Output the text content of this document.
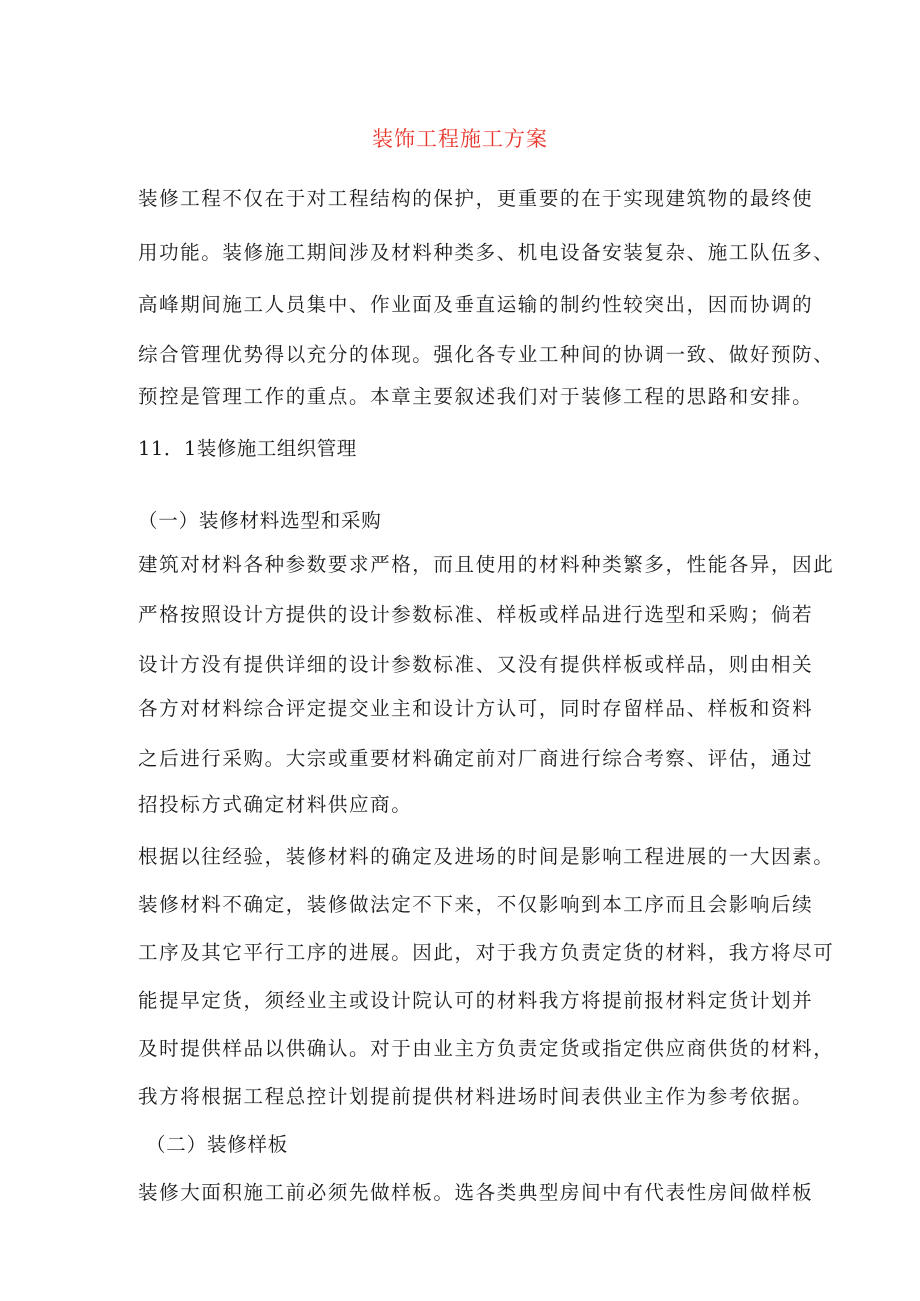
装饰工程施工方案
装修工程不仅在于对工程结构的保护，更重要的在于实现建筑物的最终使
用功能。装修施工期间涉及材料种类多、机电设备安装复杂、施工队伍多、
高峰期间施工人员集中、作业面及垂直运输的制约性较突出，因而协调的
综合管理优势得以充分的体现。强化各专业工种间的协调一致、做好预防、
预控是管理工作的重点。本章主要叙述我们对于装修工程的思路和安排。
11．1装修施工组织管理
（一）装修材料选型和采购
建筑对材料各种参数要求严格，而且使用的材料种类繁多，性能各异，因此
严格按照设计方提供的设计参数标准、样板或样品进行选型和采购；倘若
设计方没有提供详细的设计参数标准、又没有提供样板或样品，则由相关
各方对材料综合评定提交业主和设计方认可，同时存留样品、样板和资料
之后进行采购。大宗或重要材料确定前对厂商进行综合考察、评估，通过
招投标方式确定材料供应商。
根据以往经验，装修材料的确定及进场的时间是影响工程进展的一大因素。
装修材料不确定，装修做法定不下来，不仅影响到本工序而且会影响后续
工序及其它平行工序的进展。因此，对于我方负责定货的材料，我方将尽可
能提早定货，须经业主或设计院认可的材料我方将提前报材料定货计划并
及时提供样品以供确认。对于由业主方负责定货或指定供应商供货的材料，
我方将根据工程总控计划提前提供材料进场时间表供业主作为参考依据。
（二）装修样板
装修大面积施工前必须先做样板。选各类典型房间中有代表性房间做样板
